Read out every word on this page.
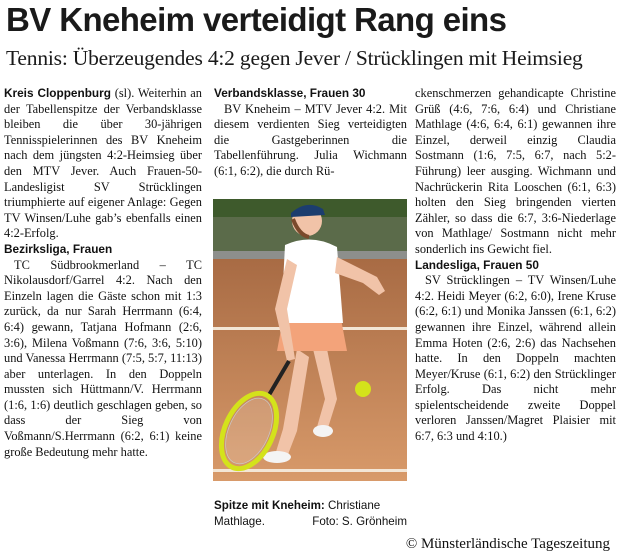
BV Kneheim verteidigt Rang eins
Tennis: Überzeugendes 4:2 gegen Jever / Strücklingen mit Heimsieg

Kreis Cloppenburg (sl). Weiterhin an der Tabellenspitze der Verbandsklasse bleiben die über 30-jährigen Tennisspielerinnen des BV Kneheim nach dem jüngsten 4:2-Heimsieg über den MTV Jever. Auch Frauen-50-Landesligist SV Strücklingen triumphierte auf eigener Anlage: Gegen TV Winsen/Luhe gab’s ebenfalls einen 4:2-Erfolg.

Bezirksliga, Frauen

TC Südbrookmerland – TC Nikolausdorf/Garrel 4:2. Nach den Einzeln lagen die Gäste schon mit 1:3 zurück, da nur Sarah Herrmann (6:4, 6:4) gewann, Tatjana Hofmann (2:6, 3:6), Milena Voßmann (7:6, 3:6, 5:10) und Vanessa Herrmann (7:5, 5:7, 11:13) aber unterlagen. In den Doppeln mussten sich Hüttmann/V. Herrmann (1:6, 1:6) deutlich geschlagen geben, so dass der Sieg von Voßmann/S.Herrmann (6:2, 6:1) keine große Bedeutung mehr hatte.

Verbandsklasse, Frauen 30

BV Kneheim – MTV Jever 4:2. Mit diesem verdienten Sieg verteidigten die Gastgeberinnen die Tabellenführung. Julia Wichmann (6:1, 6:2), die durch Rü-

Spitze mit Kneheim: Christiane Mathlage.	Foto: S. Grönheim

ckenschmerzen gehandicapte Christine Grüß (4:6, 7:6, 6:4) und Christiane Mathlage (4:6, 6:4, 6:1) gewannen ihre Einzel, derweil einzig Claudia Sostmann (1:6, 7:5, 6:7, nach 5:2-Führung) leer ausging. Wichmann und Nachrückerin Rita Looschen (6:1, 6:3) holten den Sieg bringenden vierten Zähler, so dass die 6:7, 3:6-Niederlage von Mathlage/ Sostmann nicht mehr sonderlich ins Gewicht fiel.

Landesliga, Frauen 50

SV Strücklingen – TV Winsen/Luhe 4:2. Heidi Meyer (6:2, 6:0), Irene Kruse (6:2, 6:1) und Monika Janssen (6:1, 6:2) gewannen ihre Einzel, während allein Emma Hoten (2:6, 2:6) das Nachsehen hatte. In den Doppeln machten Meyer/Kruse (6:1, 6:2) den Strücklinger Erfolg. Das nicht mehr spielentscheidende zweite Doppel verloren Janssen/Magret Plaisier mit 6:7, 6:3 und 4:10.)

© Münsterländische Tageszeitung
